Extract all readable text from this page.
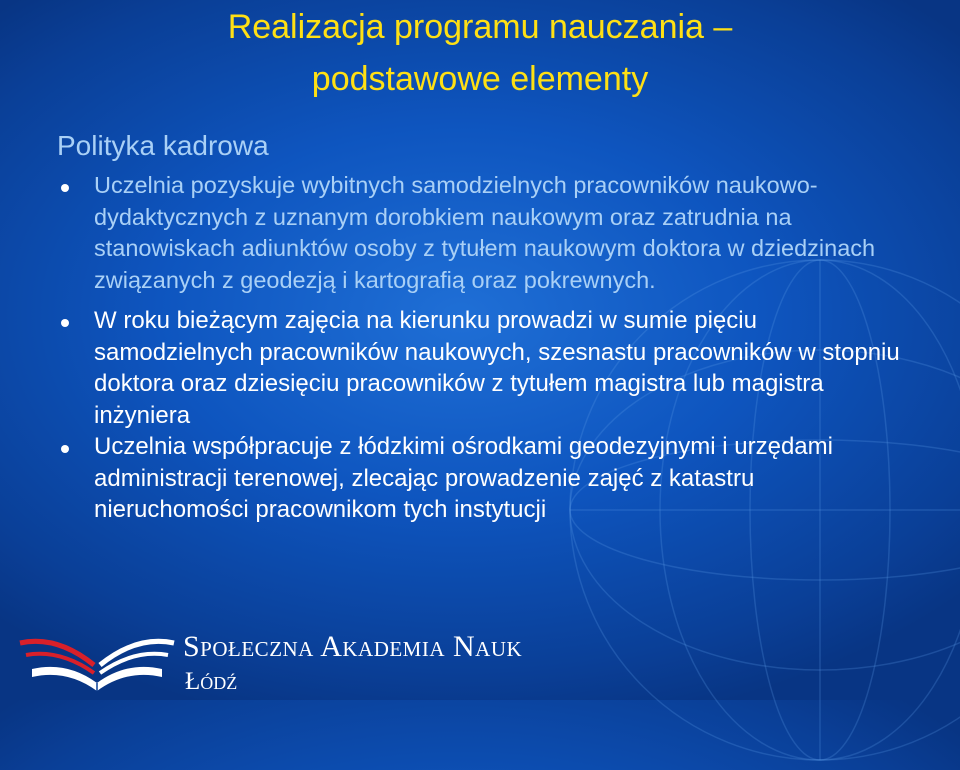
Realizacja programu nauczania –
podstawowe elementy
Polityka kadrowa
Uczelnia pozyskuje wybitnych samodzielnych pracowników naukowo-dydaktycznych z uznanym dorobkiem naukowym oraz zatrudnia na stanowiskach adiunktów osoby z tytułem naukowym doktora w dziedzinach związanych z geodezją i kartografią oraz pokrewnych.
W roku bieżącym zajęcia na kierunku prowadzi w sumie pięciu samodzielnych pracowników naukowych, szesnastu pracowników w stopniu doktora oraz dziesięciu pracowników z tytułem magistra lub magistra inżyniera
Uczelnia współpracuje z łódzkimi ośrodkami geodezyjnymi i urzędami administracji terenowej, zlecając prowadzenie zajęć z katastru nieruchomości pracownikom tych instytucji
Społeczna Akademia Nauk
Łódź
